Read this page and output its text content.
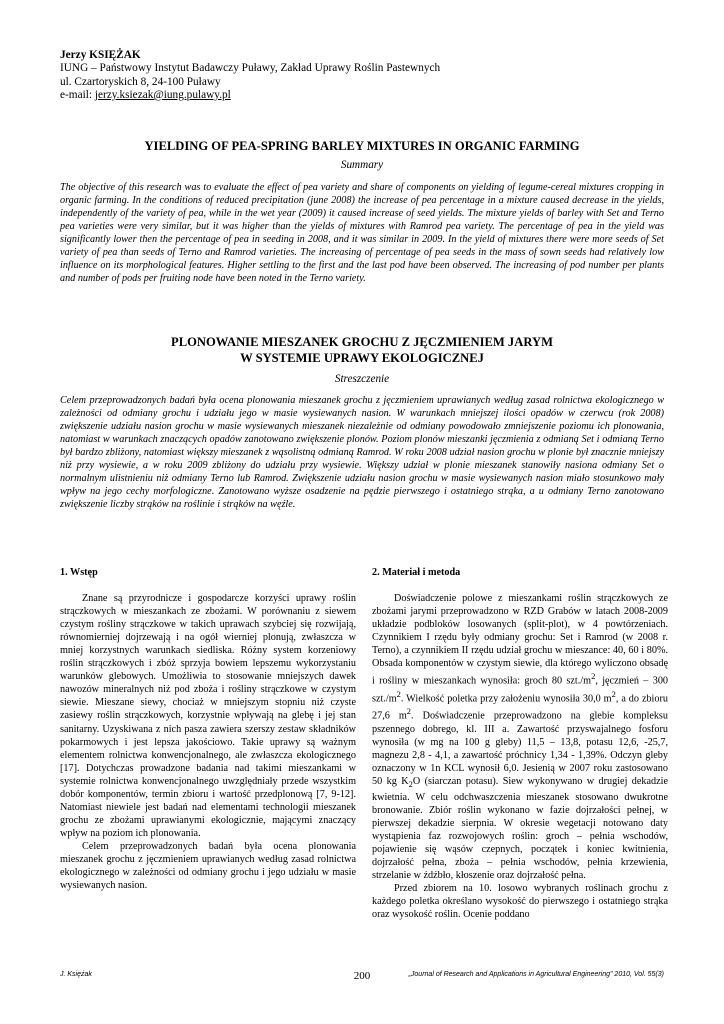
Jerzy KSIĘŻAK
IUNG – Państwowy Instytut Badawczy Puławy, Zakład Uprawy Roślin Pastewnych
ul. Czartoryskich 8, 24-100 Puławy
e-mail: jerzy.ksiezak@iung.pulawy.pl
YIELDING OF PEA-SPRING BARLEY MIXTURES IN ORGANIC FARMING
Summary
The objective of this research was to evaluate the effect of pea variety and share of components on yielding of legume-cereal mixtures cropping in organic farming. In the conditions of reduced precipitation (june 2008) the increase of pea percentage in a mixture caused decrease in the yields, independently of the variety of pea, while in the wet year (2009) it caused increase of seed yields. The mixture yields of barley with Set and Terno pea varieties were very similar, but it was higher than the yields of mixtures with Ramrod pea variety. The percentage of pea in the yield was significantly lower then the percentage of pea in seeding in 2008, and it was similar in 2009. In the yield of mixtures there were more seeds of Set variety of pea than seeds of Terno and Ramrod varieties. The increasing of percentage of pea seeds in the mass of sown seeds had relatively low influence on its morphological features. Higher settling to the first and the last pod have been observed. The increasing of pod number per plants and number of pods per fruiting node have been noted in the Terno variety.
PLONOWANIE MIESZANEK GROCHU Z JĘCZMIENIEM JARYM
W SYSTEMIE UPRAWY EKOLOGICZNEJ
Streszczenie
Celem przeprowadzonych badań była ocena plonowania mieszanek grochu z jęczmieniem uprawianych według zasad rolnictwa ekologicznego w zależności od odmiany grochu i udziału jego w masie wysiewanych nasion. W warunkach mniejszej ilości opadów w czerwcu (rok 2008) zwiększenie udziału nasion grochu w masie wysiewanych mieszanek niezależnie od odmiany powodowało zmniejszenie poziomu ich plonowania, natomiast w warunkach znaczących opadów zanotowano zwiększenie plonów. Poziom plonów mieszanki jęczmienia z odmianą Set i odmianą Terno był bardzo zbliżony, natomiast większy mieszanek z wąsolistną odmianą Ramrod. W roku 2008 udział nasion grochu w plonie był znacznie mniejszy niż przy wysiewie, a w roku 2009 zbliżony do udziału przy wysiewie. Większy udział w plonie mieszanek stanowiły nasiona odmiany Set o normalnym ulistnieniu niż odmiany Terno lub Ramrod. Zwiększenie udziału nasion grochu w masie wysiewanych nasion miało stosunkowo mały wpływ na jego cechy morfologiczne. Zanotowano wyższe osadzenie na pędzie pierwszego i ostatniego strąka, a u odmiany Terno zanotowano zwiększenie liczby strąków na roślinie i strąków na węźle.
1. Wstęp

Znane są przyrodnicze i gospodarcze korzyści uprawy roślin strączkowych w mieszankach ze zbożami. W porównaniu z siewem czystym rośliny strączkowe w takich uprawach szybciej się rozwijają, równomierniej dojrzewają i na ogół wierniej plonują, zwłaszcza w mniej korzystnych warunkach siedliska. Różny system korzeniowy roślin strączkowych i zbóż sprzyja bowiem lepszemu wykorzystaniu warunków glebowych. Umożliwia to stosowanie mniejszych dawek nawozów mineralnych niż pod zboża i rośliny strączkowe w czystym siewie. Mieszane siewy, chociaż w mniejszym stopniu niż czyste zasiewy roślin strączkowych, korzystnie wpływają na glebę i jej stan sanitarny. Uzyskiwana z nich pasza zawiera szerszy zestaw składników pokarmowych i jest lepsza jakościowo. Takie uprawy są ważnym elementem rolnictwa konwencjonalnego, ale zwłaszcza ekologicznego [17]. Dotychczas prowadzone badania nad takimi mieszankami w systemie rolnictwa konwencjonalnego uwzględniały przede wszystkim dobór komponentów, termin zbioru i wartość przedplonową [7, 9-12]. Natomiast niewiele jest badań nad elementami technologii mieszanek grochu ze zbożami uprawianymi ekologicznie, mającymi znaczący wpływ na poziom ich plonowania.

Celem przeprowadzonych badań była ocena plonowania mieszanek grochu z jęczmieniem uprawianych według zasad rolnictwa ekologicznego w zależności od odmiany grochu i jego udziału w masie wysiewanych nasion.

2. Materiał i metoda

Doświadczenie polowe z mieszankami roślin strączkowych ze zbożami jarymi przeprowadzono w RZD Grabów w latach 2008-2009 układzie podbloków losowanych (split-plot), w 4 powtórzeniach. Czynnikiem I rzędu były odmiany grochu: Set i Ramrod (w 2008 r. Terno), a czynnikiem II rzędu udział grochu w mieszance: 40, 60 i 80%. Obsada komponentów w czystym siewie, dla którego wyliczono obsadę i rośliny w mieszankach wynosiła: groch 80 $szt./m^2$, jęczmień – 300 $szt./m^2$. Wielkość poletka przy założeniu wynosiła 30,0 $m^2$, a do zbioru 27,6 $m^2$. Doświadczenie przeprowadzono na glebie kompleksu pszennego dobrego, kl. III a. Zawartość przyswajalnego fosforu wynosiła (w mg na 100 g gleby) 11,5 – 13,8, potasu 12,6, -25,7, magnezu 2,8 - 4,1, a zawartość próchnicy 1,34 - 1,39%. Odczyn gleby oznaczony w 1n KCL wynosił 6,0. Jesienią w 2007 roku zastosowano 50 kg $K_2O$ (siarczan potasu). Siew wykonywano w drugiej dekadzie kwietnia. W celu odchwaszczenia mieszanek stosowano dwukrotne bronowanie. Zbiór roślin wykonano w fazie dojrzałości pełnej, w pierwszej dekadzie sierpnia. W okresie wegetacji notowano daty wystąpienia faz rozwojowych roślin: groch – pełnia wschodów, pojawienie się wąsów czepnych, początek i koniec kwitnienia, dojrzałość pełna, zboża – pełnia wschodów, pełnia krzewienia, strzelanie w źdźbło, kłoszenie oraz dojrzałość pełna.

Przed zbiorem na 10. losowo wybranych roślinach grochu z każdego poletka określano wysokość do pierwszego i ostatniego strąka oraz wysokość roślin. Ocenie poddano

J. Księżak	200	„Journal of Research and Applications in Agricultural Engineering" 2010, Vol. 55(3)
